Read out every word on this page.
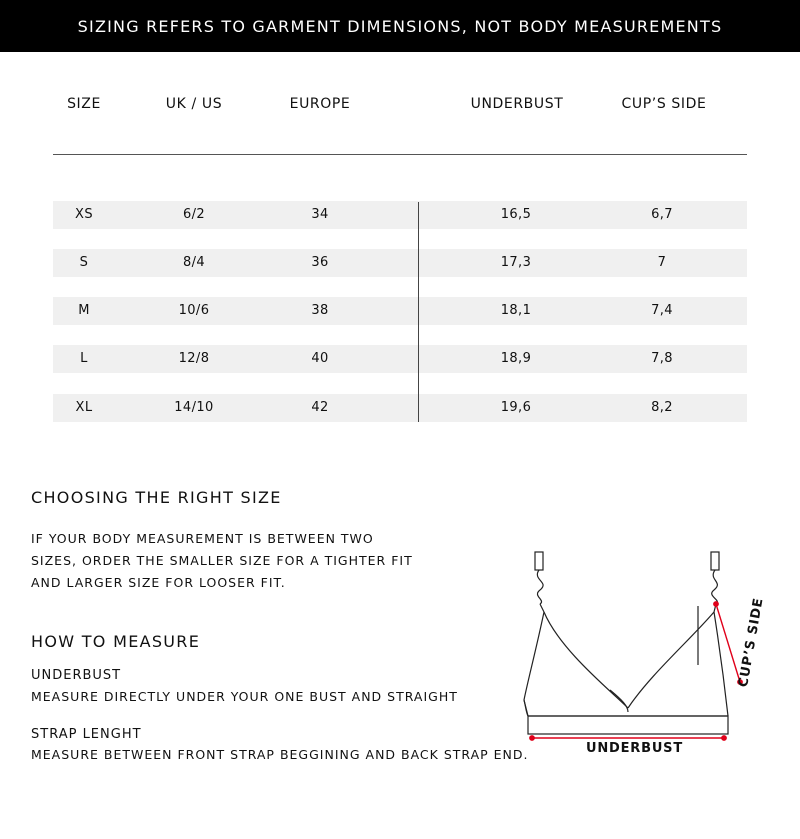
SIZING REFERS TO GARMENT DIMENSIONS, NOT BODY MEASUREMENTS
SIZE	UK / US	EUROPE	UNDERBUST	CUP’S SIDE
XS	6/2	34	16,5	6,7
S	8/4	36	17,3	7
M	10/6	38	18,1	7,4
L	12/8	40	18,9	7,8
XL	14/10	42	19,6	8,2
CHOOSING THE RIGHT SIZE
IF YOUR BODY MEASUREMENT IS BETWEEN TWO
SIZES, ORDER THE SMALLER SIZE FOR A TIGHTER FIT
AND LARGER SIZE FOR LOOSER FIT.
HOW TO MEASURE
UNDERBUST
MEASURE DIRECTLY UNDER YOUR ONE BUST AND STRAIGHT
STRAP LENGHT
MEASURE BETWEEN FRONT STRAP BEGGINING AND BACK STRAP END.	UNDERBUST
CUP’S SIDE
